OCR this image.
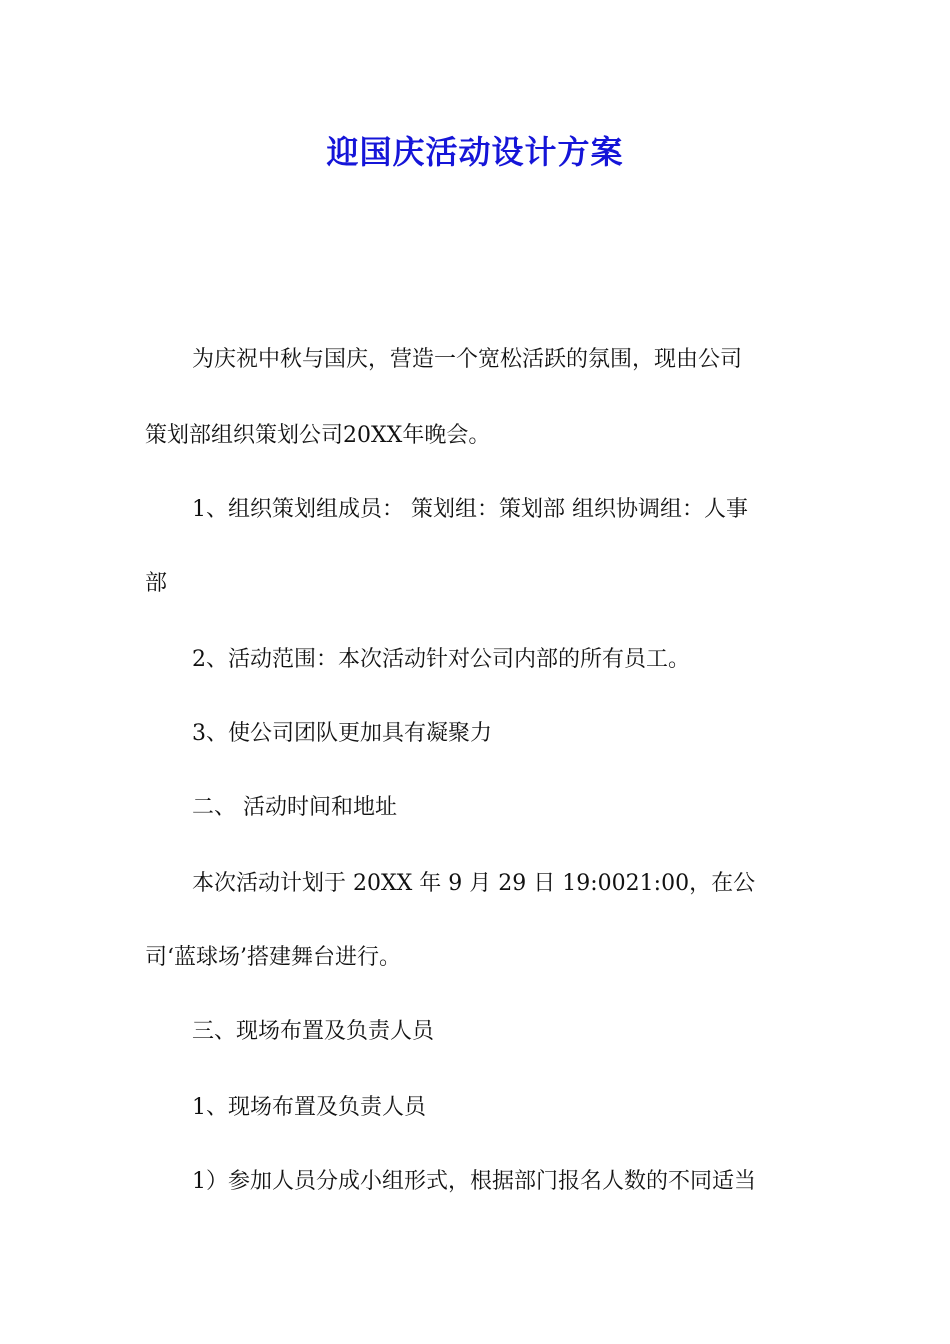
迎国庆活动设计方案
为庆祝中秋与国庆，营造一个宽松活跃的氛围，现由公司
策划部组织策划公司20XX年晚会。
1、组织策划组成员： 策划组：策划部 组织协调组：人事
部
2、活动范围：本次活动针对公司内部的所有员工。
3、使公司团队更加具有凝聚力
二、 活动时间和地址
本次活动计划于 20XX 年 9 月 29 日 19:0021:00，在公
司‘蓝球场’搭建舞台进行。
三、现场布置及负责人员
1、现场布置及负责人员
1）参加人员分成小组形式，根据部门报名人数的不同适当
